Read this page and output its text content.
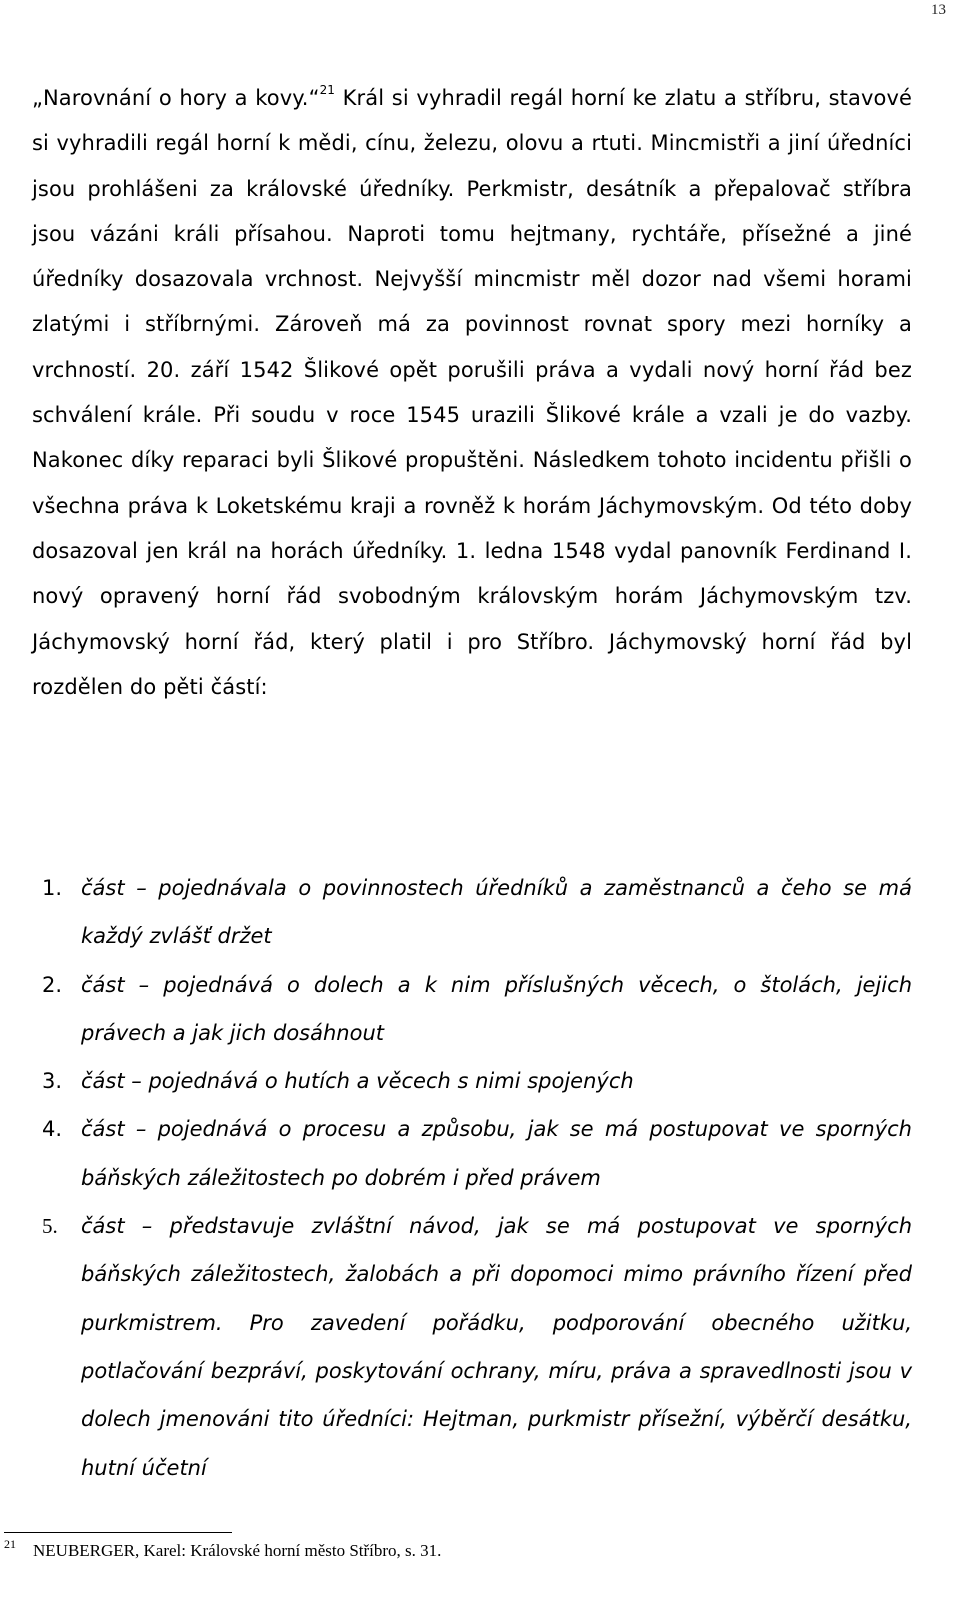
13

„Narovnání o hory a kovy.“$^{21}$ Král si vyhradil regál horní ke zlatu a stříbru, stavové si vyhradili regál horní k mědi, cínu, železu, olovu a rtuti. Mincmistři a jiní úředníci jsou prohlášeni za královské úředníky. Perkmistr, desátník a přepalovač stříbra jsou vázáni králi přísahou. Naproti tomu hejtmany, rychtáře, přísežné a jiné úředníky dosazovala vrchnost. Nejvyšší mincmistr měl dozor nad všemi horami zlatými i stříbrnými. Zároveň má za povinnost rovnat spory mezi horníky a vrchností. 20. září 1542 Šlikové opět porušili práva a vydali nový horní řád bez schválení krále. Při soudu v roce 1545 urazili Šlikové krále a vzali je do vazby. Nakonec díky reparaci byli Šlikové propuštěni. Následkem tohoto incidentu přišli o všechna práva k Loketskému kraji a rovněž k horám Jáchymovským. Od této doby dosazoval jen král na horách úředníky. 1. ledna 1548 vydal panovník Ferdinand I. nový opravený horní řád svobodným královským horám Jáchymovským tzv. Jáchymovský horní řád, který platil i pro Stříbro. Jáchymovský horní řád byl rozdělen do pěti částí:

1. část – pojednávala o povinnostech úředníků a zaměstnanců a čeho se má každý zvlášť držet
2. část – pojednává o dolech a k nim příslušných věcech, o štolách, jejich právech a jak jich dosáhnout
3. část – pojednává o hutích a věcech s nimi spojených
4. část – pojednává o procesu a způsobu, jak se má postupovat ve sporných báňských záležitostech po dobrém i před právem
5. část – představuje zvláštní návod, jak se má postupovat ve sporných báňských záležitostech, žalobách a při dopomoci mimo právního řízení před purkmistrem. Pro zavedení pořádku, podporování obecného užitku, potlačování bezpráví, poskytování ochrany, míru, práva a spravedlnosti jsou v dolech jmenováni tito úředníci: Hejtman, purkmistr přísežní, výběrčí desátku, hutní účetní
21 NEUBERGER, Karel: Královské horní město Stříbro, s. 31.
